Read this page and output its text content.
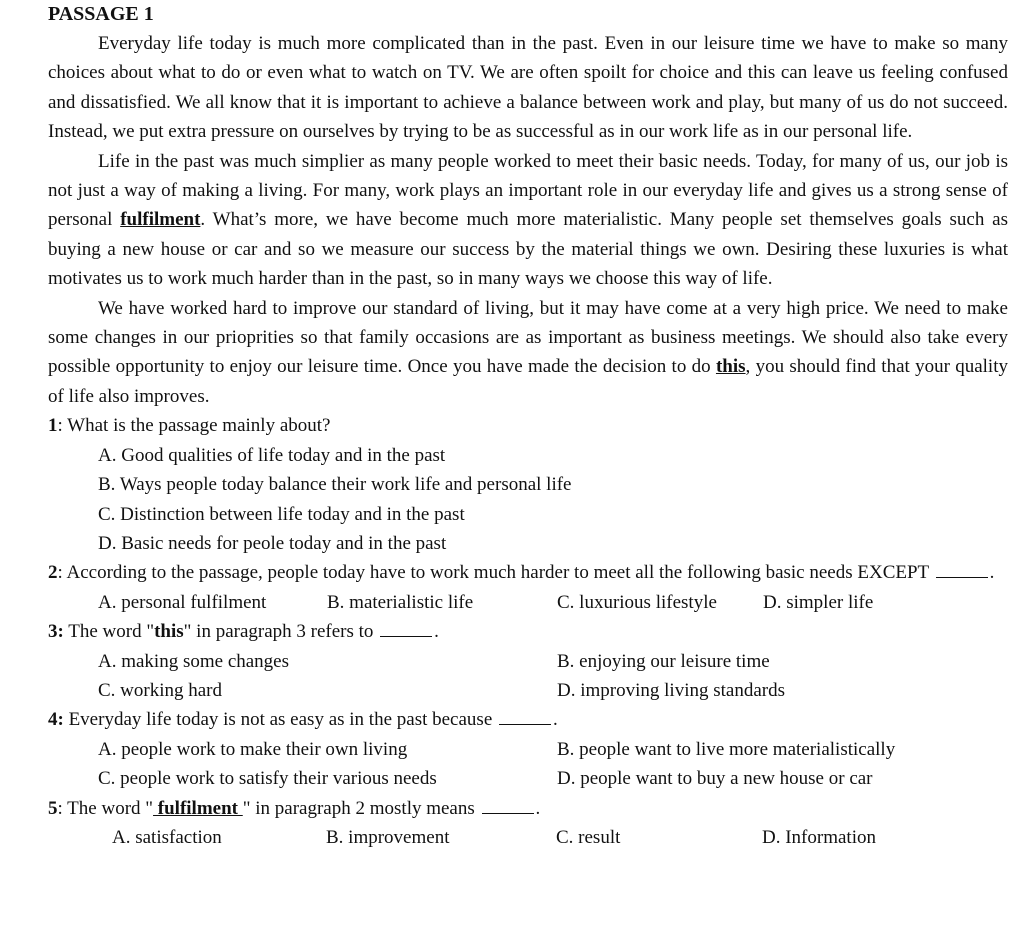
PASSAGE 1

Everyday life today is much more complicated than in the past. Even in our leisure time we have to make so many choices about what to do or even what to watch on TV. We are often spoilt for choice and this can leave us feeling confused and dissatisfied. We all know that it is important to achieve a balance between work and play, but many of us do not succeed. Instead, we put extra pressure on ourselves by trying to be as successful as in our work life as in our personal life.

Life in the past was much simplier as many people worked to meet their basic needs. Today, for many of us, our job is not just a way of making a living. For many, work plays an important role in our everyday life and gives us a strong sense of personal fulfilment. What’s more, we have become much more materialistic. Many people set themselves goals such as buying a new house or car and so we measure our success by the material things we own. Desiring these luxuries is what motivates us to work much harder than in the past, so in many ways we choose this way of life.

We have worked hard to improve our standard of living, but it may have come at a very high price. We need to make some changes in our prioprities so that family occasions are as important as business meetings. We should also take every possible opportunity to enjoy our leisure time. Once you have made the decision to do this, you should find that your quality of life also improves.

1: What is the passage mainly about?

A. Good qualities of life today and in the past
B. Ways people today balance their work life and personal life
C. Distinction between life today and in the past
D. Basic needs for peole today and in the past

2: According to the passage, people today have to work much harder to meet all the following basic needs EXCEPT	.

A. personal fulfilment	B. materialistic life	C. luxurious lifestyle	D. simpler life

3: The word "this" in paragraph 3 refers to	.

A. making some changes	B. enjoying our leisure time
C. working hard	D. improving living standards

4: Everyday life today is not as easy as in the past because	.

A. people work to make their own living	B. people want to live more materialistically
C. people work to satisfy their various needs	D. people want to buy a new house or car

5: The word " fulfilment " in paragraph 2 mostly means	.

A. satisfaction	B. improvement	C. result	D. Information
